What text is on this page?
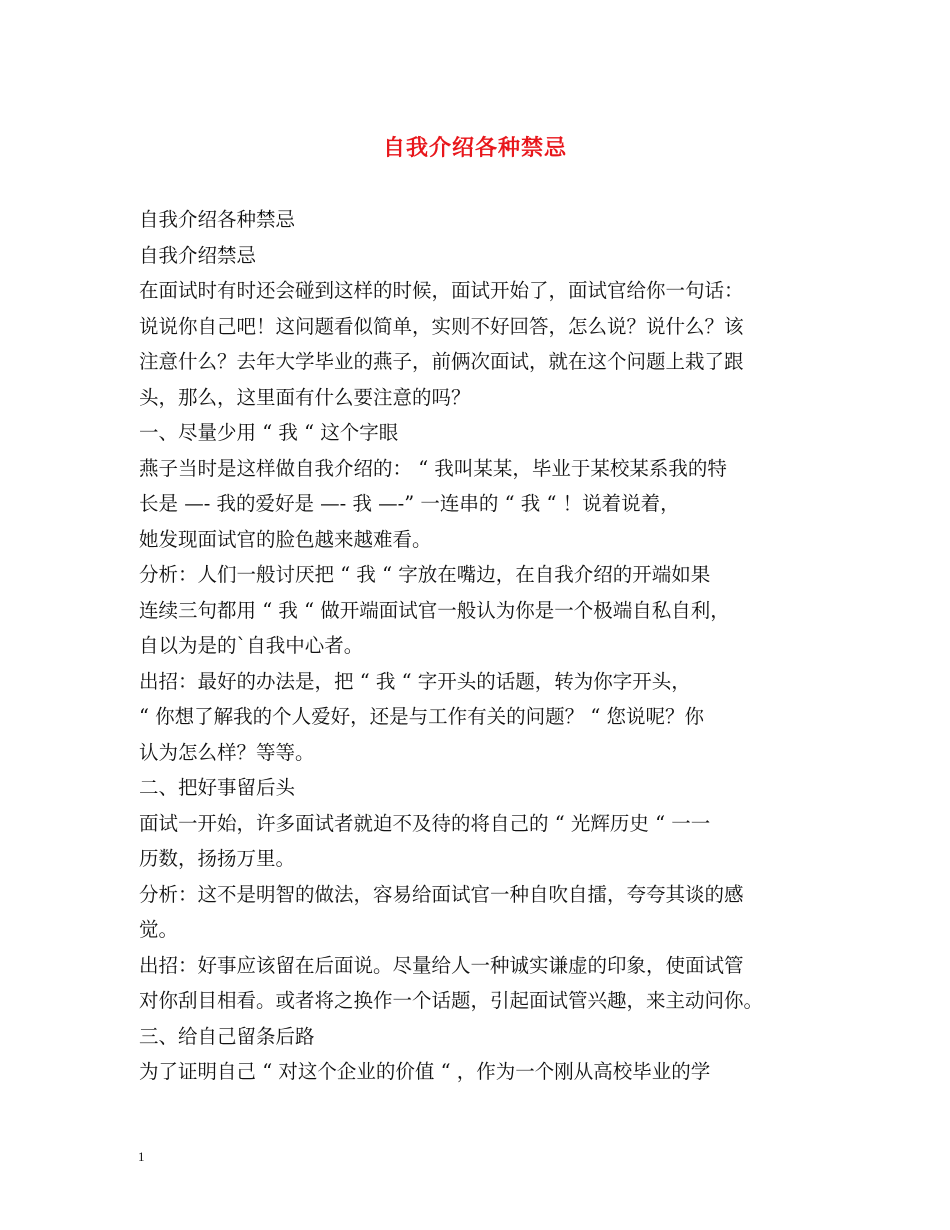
自我介绍各种禁忌
自我介绍各种禁忌
自我介绍禁忌
在面试时有时还会碰到这样的时候，面试开始了，面试官给你一句话：
说说你自己吧！这问题看似简单，实则不好回答，怎么说？说什么？该
注意什么？去年大学毕业的燕子，前俩次面试，就在这个问题上栽了跟
头，那么，这里面有什么要注意的吗？
一、尽量少用 “ 我 “ 这个字眼
燕子当时是这样做自我介绍的： “ 我叫某某，毕业于某校某系我的特
长是 —- 我的爱好是 —- 我 —-” 一连串的 “ 我 “ ！说着说着，
她发现面试官的脸色越来越难看。
分析：人们一般讨厌把 “ 我 “ 字放在嘴边，在自我介绍的开端如果
连续三句都用 “ 我 “ 做开端面试官一般认为你是一个极端自私自利，
自以为是的`自我中心者。
出招：最好的办法是，把 “ 我 “ 字开头的话题，转为你字开头，
“ 你想了解我的个人爱好，还是与工作有关的问题？ “ 您说呢？你
认为怎么样？等等。
二、把好事留后头
面试一开始，许多面试者就迫不及待的将自己的 “ 光辉历史 “ 一一
历数，扬扬万里。
分析：这不是明智的做法，容易给面试官一种自吹自擂，夸夸其谈的感
觉。
出招：好事应该留在后面说。尽量给人一种诚实谦虚的印象，使面试管
对你刮目相看。或者将之换作一个话题，引起面试管兴趣，来主动问你。
三、给自己留条后路
为了证明自己 “ 对这个企业的价值 “ ，作为一个刚从高校毕业的学
1
